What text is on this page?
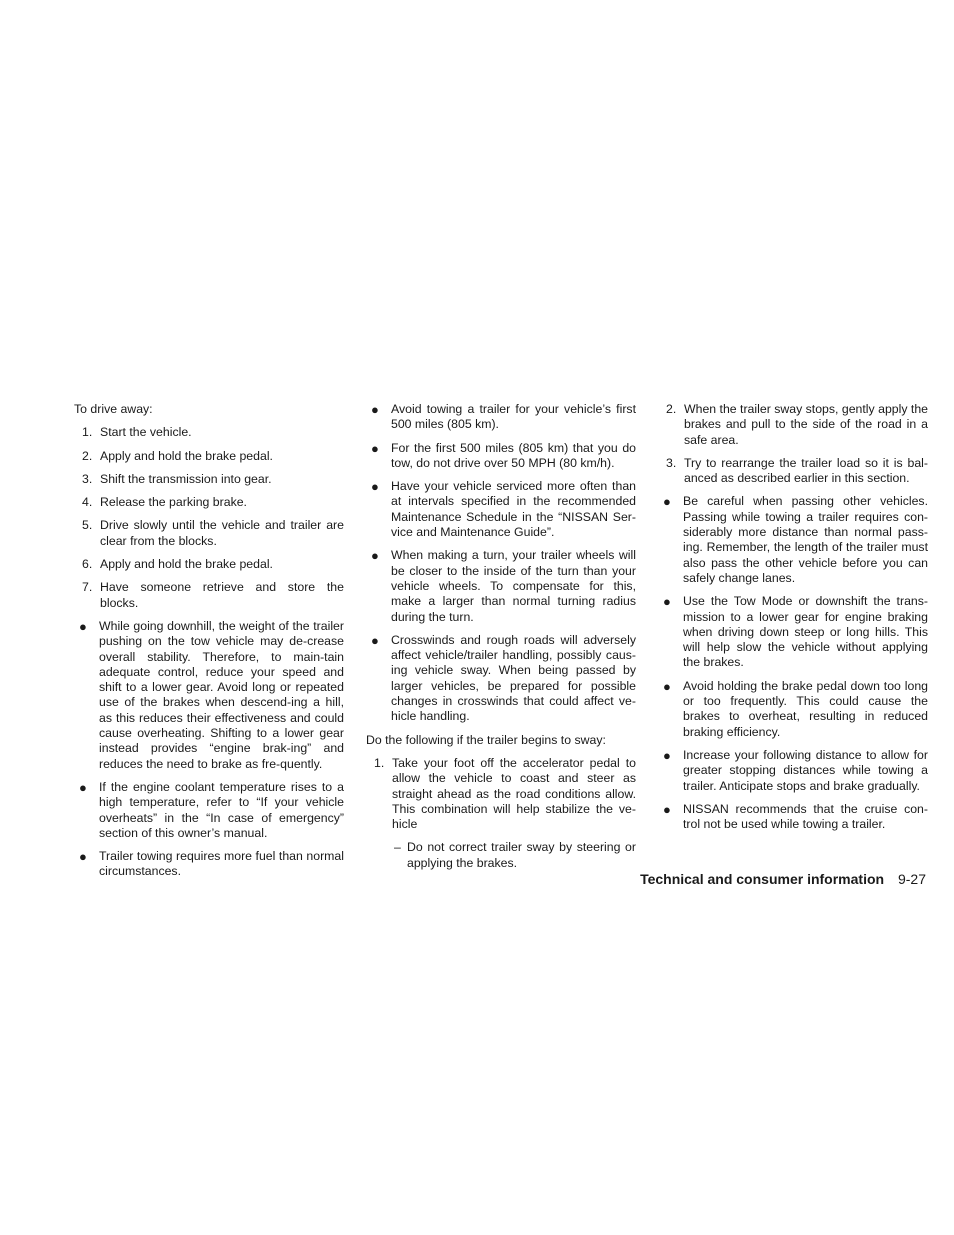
To drive away:

1. Start the vehicle.
2. Apply and hold the brake pedal.
3. Shift the transmission into gear.
4. Release the parking brake.
5. Drive slowly until the vehicle and trailer are clear from the blocks.
6. Apply and hold the brake pedal.
7. Have someone retrieve and store the blocks.
● While going downhill, the weight of the trailer pushing on the tow vehicle may de-crease overall stability. Therefore, to main-tain adequate control, reduce your speed and shift to a lower gear. Avoid long or repeated use of the brakes when descend-ing a hill, as this reduces their effectiveness and could cause overheating. Shifting to a lower gear instead provides “engine brak-ing” and reduces the need to brake as fre-quently.
● If the engine coolant temperature rises to a high temperature, refer to “If your vehicle overheats” in the “In case of emergency” section of this owner’s manual.
● Trailer towing requires more fuel than normal circumstances.
● Avoid towing a trailer for your vehicle’s first 500 miles (805 km).
● For the first 500 miles (805 km) that you do tow, do not drive over 50 MPH (80 km/h).
● Have your vehicle serviced more often than at intervals specified in the recommended Maintenance Schedule in the “NISSAN Ser-vice and Maintenance Guide”.
● When making a turn, your trailer wheels will be closer to the inside of the turn than your vehicle wheels. To compensate for this, make a larger than normal turning radius during the turn.
● Crosswinds and rough roads will adversely affect vehicle/trailer handling, possibly caus-ing vehicle sway. When being passed by larger vehicles, be prepared for possible changes in crosswinds that could affect ve-hicle handling.

Do the following if the trailer begins to sway:

1. Take your foot off the accelerator pedal to allow the vehicle to coast and steer as straight ahead as the road conditions allow. This combination will help stabilize the ve-hicle
– Do not correct trailer sway by steering or applying the brakes.
2. When the trailer sway stops, gently apply the brakes and pull to the side of the road in a safe area.
3. Try to rearrange the trailer load so it is bal-anced as described earlier in this section.
● Be careful when passing other vehicles. Passing while towing a trailer requires con-siderably more distance than normal pass-ing. Remember, the length of the trailer must also pass the other vehicle before you can safely change lanes.
● Use the Tow Mode or downshift the trans-mission to a lower gear for engine braking when driving down steep or long hills. This will help slow the vehicle without applying the brakes.
● Avoid holding the brake pedal down too long or too frequently. This could cause the brakes to overheat, resulting in reduced braking efficiency.
● Increase your following distance to allow for greater stopping distances while towing a trailer. Anticipate stops and brake gradually.
● NISSAN recommends that the cruise con-trol not be used while towing a trailer.
Technical and consumer information 9-27
